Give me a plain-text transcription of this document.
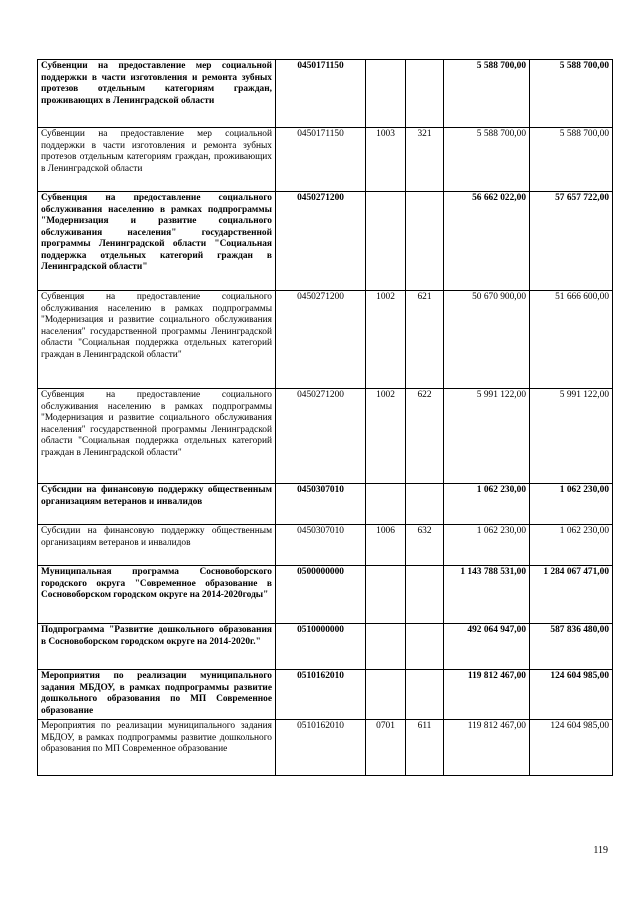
Субвенции на предоставление мер социальной поддержки в части изготовления и ремонта зубных протезов отдельным категориям граждан, проживающих в Ленинградской области	0450171150			5 588 700,00	5 588 700,00
Субвенции на предоставление мер социальной поддержки в части изготовления и ремонта зубных протезов отдельным категориям граждан, проживающих в Ленинградской области	0450171150	1003	321	5 588 700,00	5 588 700,00
Субвенция на предоставление социального обслуживания населению в рамках подпрограммы "Модернизация и развитие социального обслуживания населения" государственной программы Ленинградской области "Социальная поддержка отдельных категорий граждан в Ленинградской области"	0450271200			56 662 022,00	57 657 722,00
Субвенция на предоставление социального обслуживания населению в рамках подпрограммы "Модернизация и развитие социального обслуживания населения" государственной программы Ленинградской области "Социальная поддержка отдельных категорий граждан в Ленинградской области"	0450271200	1002	621	50 670 900,00	51 666 600,00
Субвенция на предоставление социального обслуживания населению в рамках подпрограммы "Модернизация и развитие социального обслуживания населения" государственной программы Ленинградской области "Социальная поддержка отдельных категорий граждан в Ленинградской области"	0450271200	1002	622	5 991 122,00	5 991 122,00
Субсидии на финансовую поддержку общественным организациям ветеранов и инвалидов	0450307010			1 062 230,00	1 062 230,00
Субсидии на финансовую поддержку общественным организациям ветеранов и инвалидов	0450307010	1006	632	1 062 230,00	1 062 230,00
Муниципальная программа Сосновоборского городского округа "Современное образование в Сосновоборском городском округе на 2014-2020годы"	0500000000			1 143 788 531,00	1 284 067 471,00
Подпрограмма "Развитие дошкольного образования в Сосновоборском городском округе на 2014-2020г."	0510000000			492 064 947,00	587 836 480,00
Мероприятия по реализации муниципального задания МБДОУ, в рамках подпрограммы развитие дошкольного образования по МП Современное образование	0510162010			119 812 467,00	124 604 985,00
Мероприятия по реализации муниципального задания МБДОУ, в рамках подпрограммы развитие дошкольного образования по МП Современное образование	0510162010	0701	611	119 812 467,00	124 604 985,00
119
